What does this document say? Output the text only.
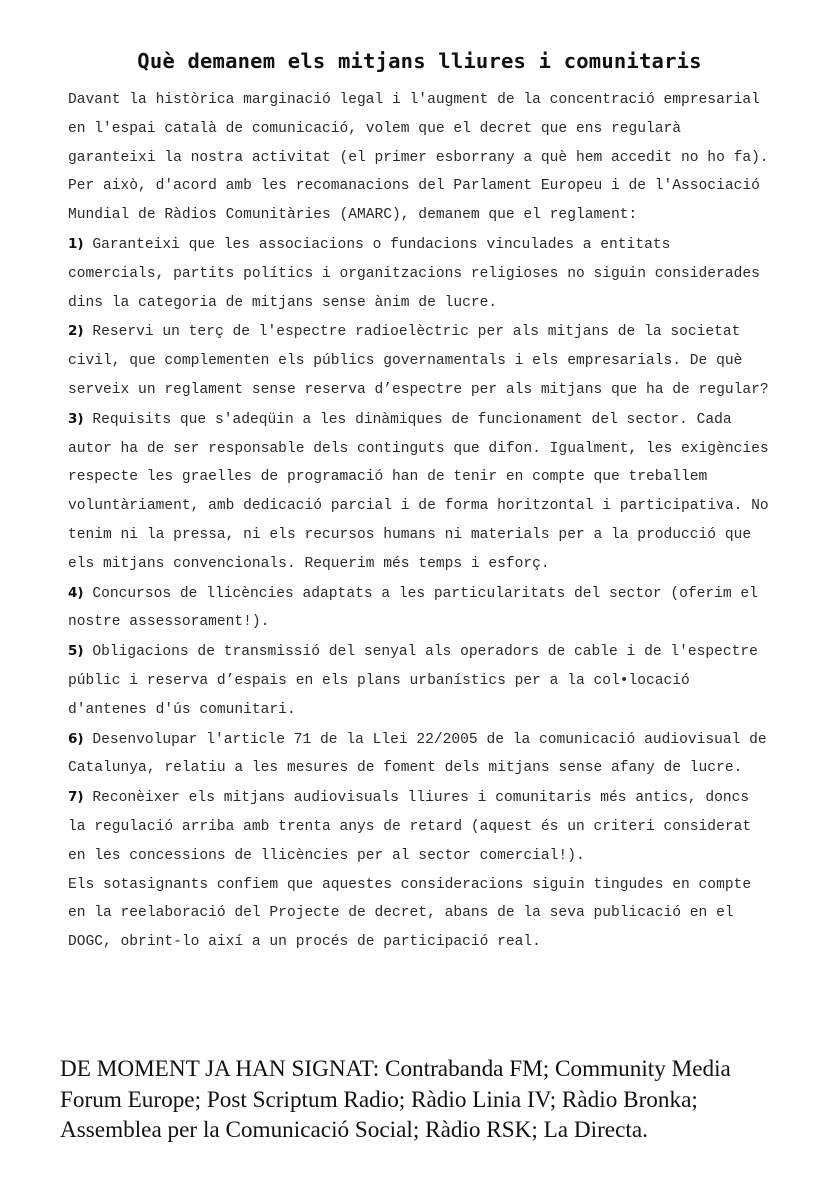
Què demanem els mitjans lliures i comunitaris

Davant la històrica marginació legal i l'augment de la concentració empresarial en l'espai català de comunicació, volem que el decret que ens regularà garanteixi la nostra activitat (el primer esborrany a què hem accedit no ho fa). Per això, d'acord amb les recomanacions del Parlament Europeu i de l'Associació Mundial de Ràdios Comunitàries (AMARC), demanem que el reglament:

1) Garanteixi que les associacions o fundacions vinculades a entitats comercials, partits polítics i organitzacions religioses no siguin considerades dins la categoria de mitjans sense ànim de lucre.

2) Reservi un terç de l'espectre radioelèctric per als mitjans de la societat civil, que complementen els públics governamentals i els empresarials. De què serveix un reglament sense reserva d’espectre per als mitjans que ha de regular?

3) Requisits que s'adeqüin a les dinàmiques de funcionament del sector. Cada autor ha de ser responsable dels continguts que difon. Igualment, les exigències respecte les graelles de programació han de tenir en compte que treballem voluntàriament, amb dedicació parcial i de forma horitzontal i participativa. No tenim ni la pressa, ni els recursos humans ni materials per a la producció que els mitjans convencionals. Requerim més temps i esforç.

4) Concursos de llicències adaptats a les particularitats del sector (oferim el nostre assessorament!).

5) Obligacions de transmissió del senyal als operadors de cable i de l'espectre públic i reserva d’espais en els plans urbanístics per a la col•locació d'antenes d'ús comunitari.

6) Desenvolupar l'article 71 de la Llei 22/2005 de la comunicació audiovisual de Catalunya, relatiu a les mesures de foment dels mitjans sense afany de lucre.

7) Reconèixer els mitjans audiovisuals lliures i comunitaris més antics, doncs la regulació arriba amb trenta anys de retard (aquest és un criteri considerat en les concessions de llicències per al sector comercial!).

Els sotasignants confiem que aquestes consideracions siguin tingudes en compte en la reelaboració del Projecte de decret, abans de la seva publicació en el DOGC, obrint-lo així a un procés de participació real.

DE MOMENT JA HAN SIGNAT: Contrabanda FM; Community Media Forum Europe; Post Scriptum Radio; Ràdio Linia IV; Ràdio Bronka; Assemblea per la Comunicació Social; Ràdio RSK; La Directa.
